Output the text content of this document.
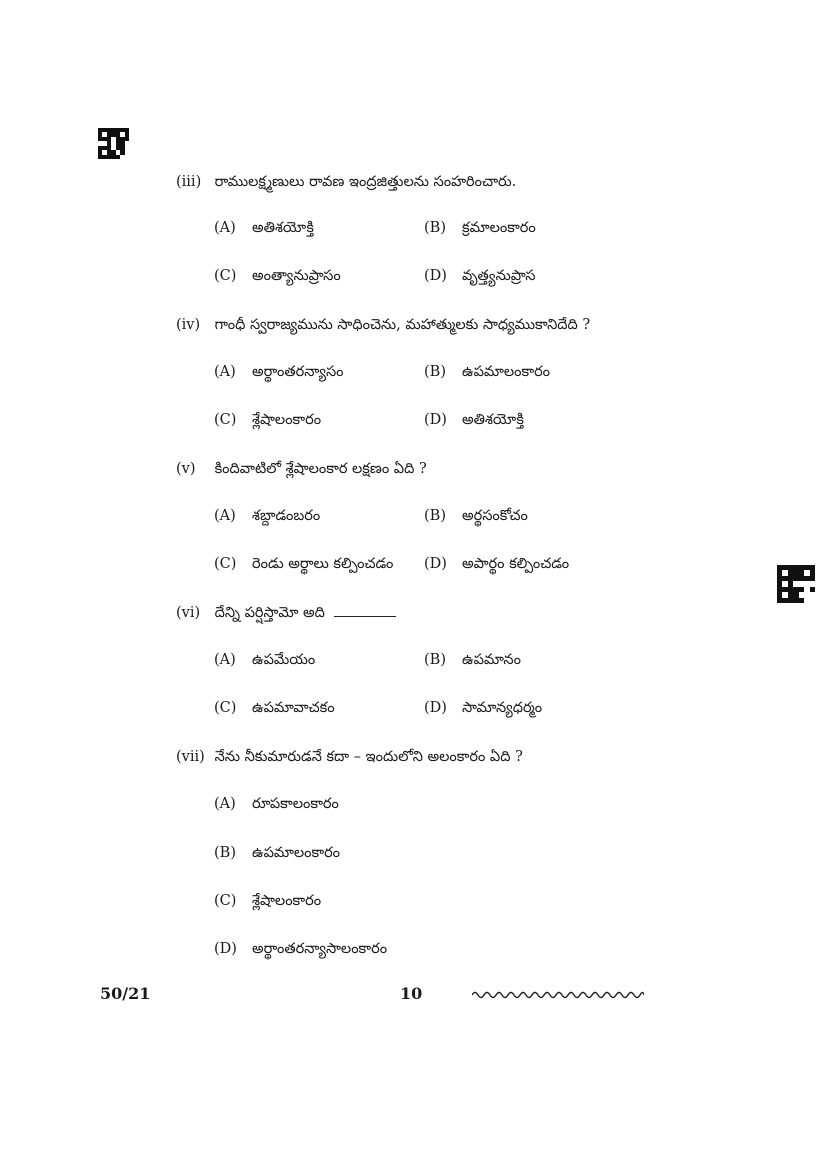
(iii) రాములక్ష్మణులు రావణ ఇంద్రజిత్తులను సంహరించారు.
(A) అతిశయోక్తి	(B) క్రమాలంకారం
(C) అంత్యానుప్రాసం	(D) వృత్త్యనుప్రాస
(iv) గాంధీ స్వరాజ్యమును సాధించెను, మహాత్ములకు సాధ్యముకానిదేది ?
(A) అర్థాంతరన్యాసం	(B) ఉపమాలంకారం
(C) శ్లేషాలంకారం	(D) అతిశయోక్తి
(v) కిందివాటిలో శ్లేషాలంకార లక్షణం ఏది ?
(A) శబ్దాడంబరం	(B) అర్థసంకోచం
(C) రెండు అర్థాలు కల్పించడం (D) అపార్థం కల్పించడం
(vi) దేన్ని పర్షిస్తామో అది
(A) ఉపమేయం	(B) ఉపమానం
(C) ఉపమావాచకం	(D) సామాన్యధర్మం
(vii) నేను నీకుమారుడనే కదా – ఇందులోని అలంకారం ఏది ?
(A) రూపకాలంకారం
(B) ఉపమాలంకారం
(C) శ్లేషాలంకారం
(D) అర్థాంతరన్యాసాలంకారం
50/21	10
